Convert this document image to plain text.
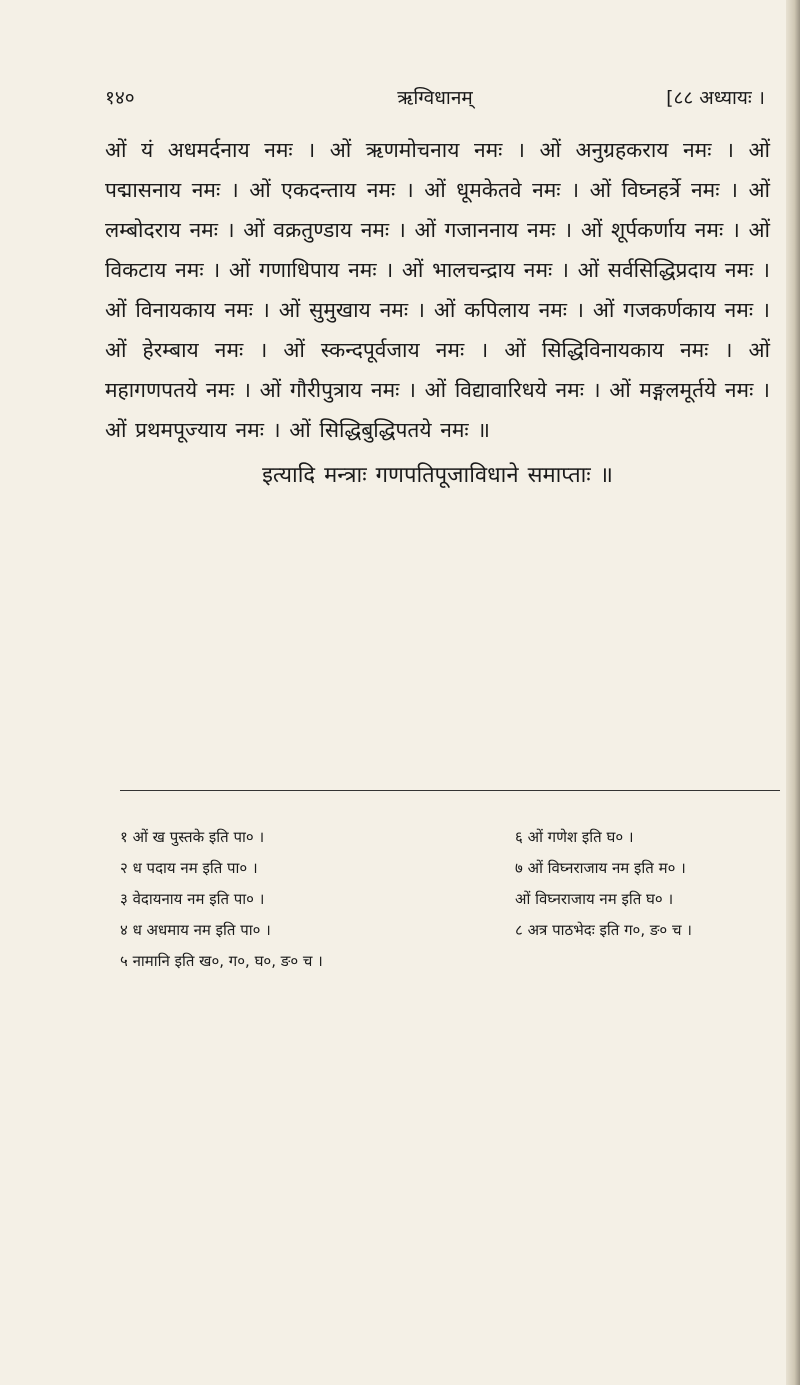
१४०	ऋग्विधानम्	[८८ अध्यायः ।

ओं यं अधमर्दनाय नमः । ओं ऋणमोचनाय नमः । ओं अनुग्रहकराय नमः । ओं पद्मासनाय नमः । ओं एकदन्ताय नमः । ओं धूमकेतवे नमः । ओं विघ्नहर्त्रे नमः । ओं लम्बोदराय नमः । ओं वक्रतुण्डाय नमः । ओं गजाननाय नमः । ओं शूर्पकर्णाय नमः । ओं विकटाय नमः । ओं गणाधिपाय नमः । ओं भालचन्द्राय नमः । ओं सर्वसिद्धिप्रदाय नमः । ओं विनायकाय नमः । ओं सुमुखाय नमः । ओं कपिलाय नमः । ओं गजकर्णकाय नमः । ओं हेरम्बाय नमः । ओं स्कन्दपूर्वजाय नमः । ओं सिद्धिविनायकाय नमः । ओं महागणपतये नमः । ओं गौरीपुत्राय नमः । ओं विद्यावारिधये नमः । ओं मङ्गलमूर्तये नमः । ओं प्रथमपूज्याय नमः । ओं सिद्धिबुद्धिपतये नमः ॥

इत्यादि मन्त्राः गणपतिपूजाविधाने समाप्ताः ॥

१ ओं ख पुस्तके इति पा० ।
२ ध पदाय नम इति पा० ।
३ वेदायनाय नम इति पा० ।
४ ध अधमाय नम इति पा० ।
५ नामानि इति ख०, ग०, घ०, ङ० च ।
६ ओं गणेश इति घ० ।
७ ओं विघ्नराजाय नम इति म० ।
ओं विघ्नराजाय नम इति घ० ।
८ अत्र पाठभेदः इति ग०, ङ० च ।
